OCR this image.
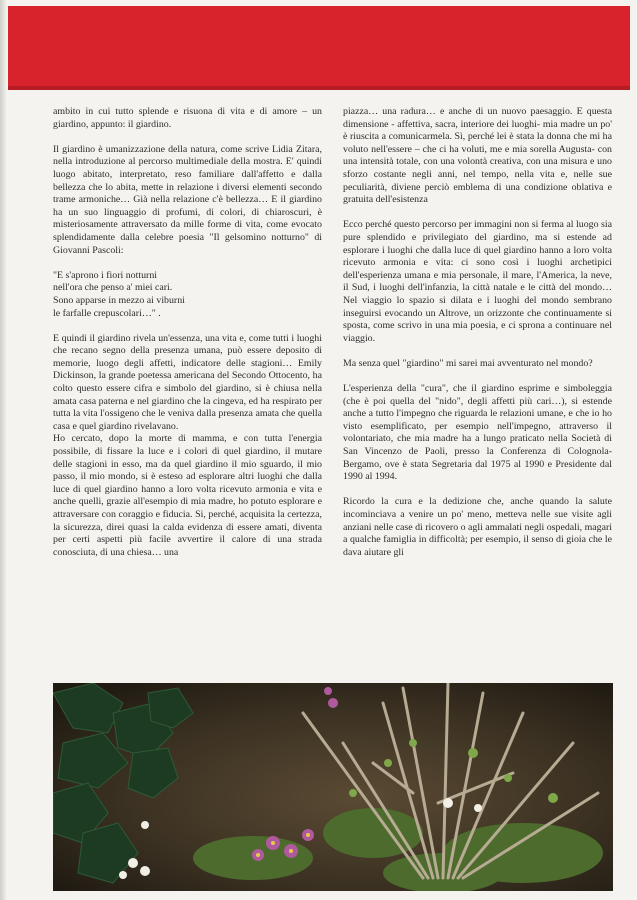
ambito in cui tutto splende e risuona di vita e di amore – un giardino, appunto: il giardino.

Il giardino è umanizzazione della natura, come scrive Lidia Zitara, nella introduzione al percorso multimediale della mostra. E' quindi luogo abitato, interpretato, reso familiare dall'affetto e dalla bellezza che lo abita, mette in relazione i diversi elementi secondo trame armoniche… Già nella relazione c'è bellezza… E il giardino ha un suo linguaggio di profumi, di colori, di chiaroscuri, è misteriosamente attraversato da mille forme di vita, come evocato splendidamente dalla celebre poesia "Il gelsomino notturno" di Giovanni Pascoli:

"E s'aprono i fiori notturni
nell'ora che penso a' miei cari.
Sono apparse in mezzo ai viburni
le farfalle crepuscolari…" .

E quindi il giardino rivela un'essenza, una vita e, come tutti i luoghi che recano segno della presenza umana, può essere deposito di memorie, luogo degli affetti, indicatore delle stagioni… Emily Dickinson, la grande poetessa americana del Secondo Ottocento, ha colto questo essere cifra e simbolo del giardino, si è chiusa nella amata casa paterna e nel giardino che la cingeva, ed ha respirato per tutta la vita l'ossigeno che le veniva dalla presenza amata che quella casa e quel giardino rivelavano.

Ho cercato, dopo la morte di mamma, e con tutta l'energia possibile, di fissare la luce e i colori di quel giardino, il mutare delle stagioni in esso, ma da quel giardino il mio sguardo, il mio passo, il mio mondo, si è esteso ad esplorare altri luoghi che dalla luce di quel giardino hanno a loro volta ricevuto armonia e vita e anche quelli, grazie all'esempio di mia madre, ho potuto esplorare e attraversare con coraggio e fiducia. Sì, perché, acquisita la certezza, la sicurezza, direi quasi la calda evidenza di essere amati, diventa per certi aspetti più facile avvertire il calore di una strada conosciuta, di una chiesa… una

piazza… una radura… e anche di un nuovo paesaggio. E questa dimensione - affettiva, sacra, interiore dei luoghi- mia madre un po' è riuscita a comunicarmela. Sì, perché lei è stata la donna che mi ha voluto nell'essere – che ci ha voluti, me e mia sorella Augusta- con una intensità totale, con una volontà creativa, con una misura e uno sforzo costante negli anni, nel tempo, nella vita e, nelle sue peculiarità, diviene perciò emblema di una condizione oblativa e gratuita dell'esistenza

Ecco perché questo percorso per immagini non si ferma al luogo sia pure splendido e privilegiato del giardino, ma si estende ad esplorare i luoghi che dalla luce di quel giardino hanno a loro volta ricevuto armonia e vita: ci sono così i luoghi archetipici dell'esperienza umana e mia personale, il mare, l'America, la neve, il Sud, i luoghi dell'infanzia, la città natale e le città del mondo… Nel viaggio lo spazio si dilata e i luoghi del mondo sembrano inseguirsi evocando un Altrove, un orizzonte che continuamente si sposta, come scrivo in una mia poesia, e ci sprona a continuare nel viaggio.

Ma senza quel "giardino" mi sarei mai avventurato nel mondo?

L'esperienza della "cura", che il giardino esprime e simboleggia (che è poi quella del "nido", degli affetti più cari…), si estende anche a tutto l'impegno che riguarda le relazioni umane, e che io ho visto esemplificato, per esempio nell'impegno, attraverso il volontariato, che mia madre ha a lungo praticato nella Società di San Vincenzo de Paoli, presso la Conferenza di Colognola-Bergamo, ove è stata Segretaria dal 1975 al 1990 e Presidente dal 1990 al 1994.

Ricordo la cura e la dedizione che, anche quando la salute incominciava a venire un po' meno, metteva nelle sue visite agli anziani nelle case di ricovero o agli ammalati negli ospedali, magari a qualche famiglia in difficoltà; per esempio, il senso di gioia che le dava aiutare gli
